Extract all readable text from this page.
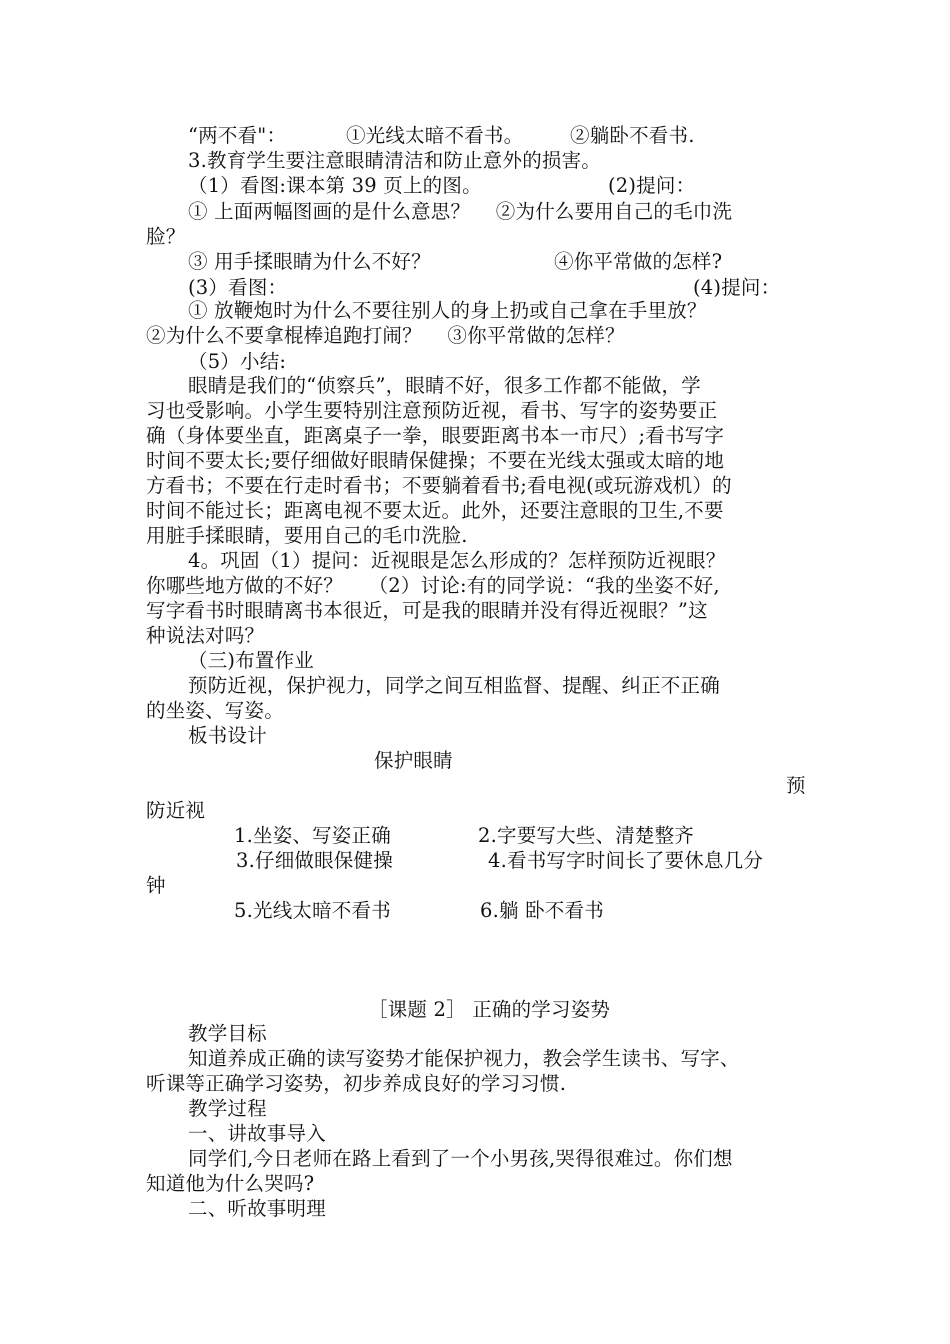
“两不看"：	①光线太暗不看书。 ②躺卧不看书.
3.教育学生要注意眼睛清洁和防止意外的损害。
（1）看图:课本第 39 页上的图。	(2)提问：
① 上面两幅图画的是什么意思？    ②为什么要用自己的毛巾洗
脸？
③ 用手揉眼睛为什么不好？	④你平常做的怎样?
(3）看图：	(4)提问：
① 放鞭炮时为什么不要往别人的身上扔或自己拿在手里放？
②为什么不要拿棍棒追跑打闹？    ③你平常做的怎样？
（5）小结:
眼睛是我们的“侦察兵”，眼睛不好，很多工作都不能做，学
习也受影响。小学生要特别注意预防近视，看书、写字的姿势要正
确（身体要坐直，距离桌子一拳，眼要距离书本一市尺）;看书写字
时间不要太长;要仔细做好眼睛保健操；不要在光线太强或太暗的地
方看书；不要在行走时看书；不要躺着看书;看电视(或玩游戏机）的
时间不能过长；距离电视不要太近。此外，还要注意眼的卫生,不要
用脏手揉眼睛，要用自己的毛巾洗脸.
4。巩固（1）提问：近视眼是怎么形成的？怎样预防近视眼？
你哪些地方做的不好？    （2）讨论:有的同学说：“我的坐姿不好,
写字看书时眼睛离书本很近，可是我的眼睛并没有得近视眼？”这
种说法对吗？
（三)布置作业
预防近视，保护视力，同学之间互相监督、提醒、纠正不正确
的坐姿、写姿。
板书设计
保护眼睛
预
防近视
1.坐姿、写姿正确	2.字要写大些、清楚整齐
3.仔细做眼保健操	4.看书写字时间长了要休息几分
钟
5.光线太暗不看书	6.躺 卧不看书
［课题 2］ 正确的学习姿势
教学目标
知道养成正确的读写姿势才能保护视力，教会学生读书、写字、
听课等正确学习姿势，初步养成良好的学习习惯.
教学过程
一、讲故事导入
同学们,今日老师在路上看到了一个小男孩,哭得很难过。你们想
知道他为什么哭吗?
二、听故事明理
